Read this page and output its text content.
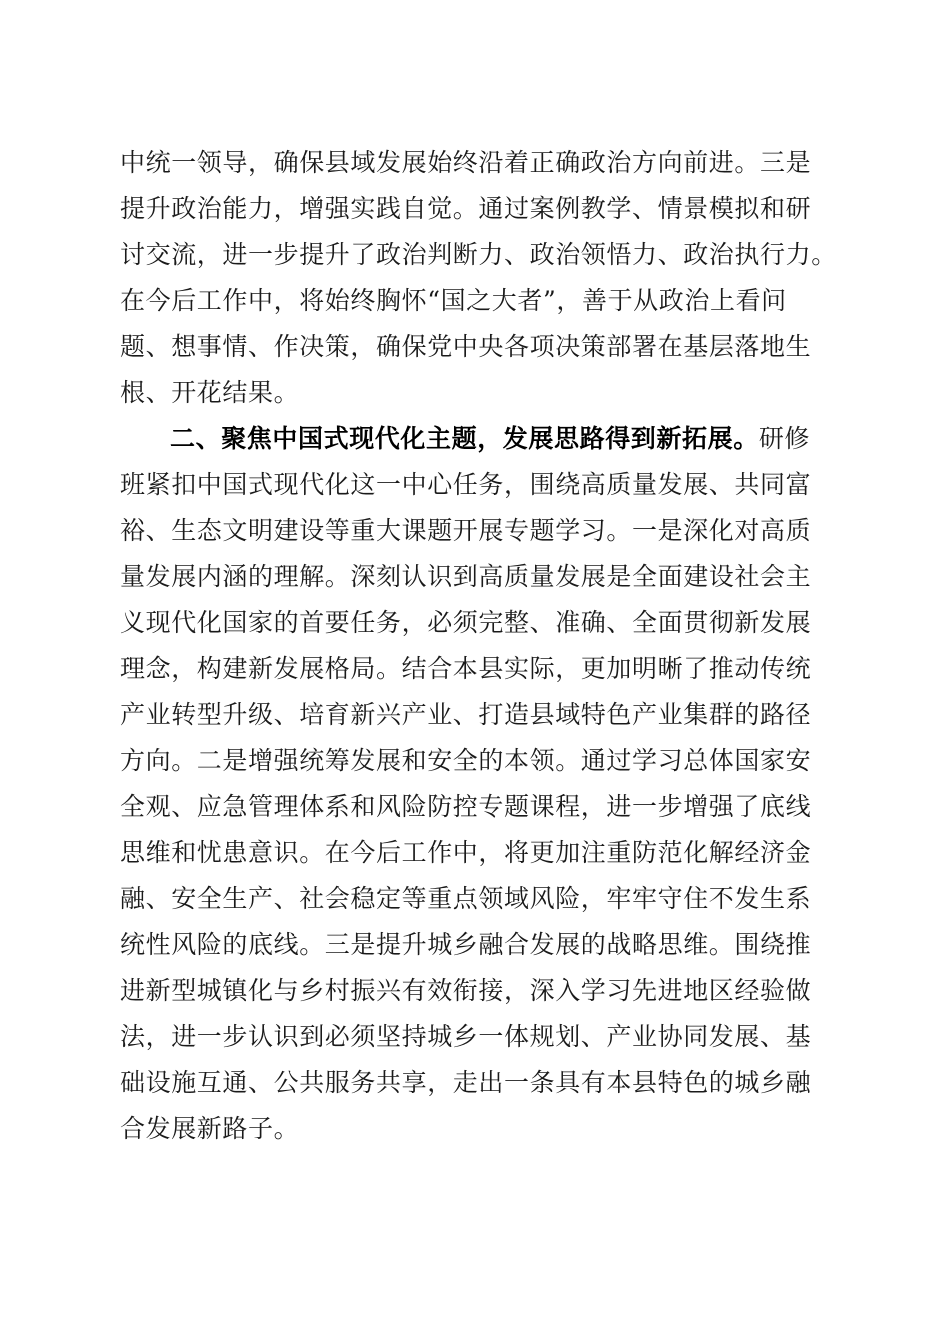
中统一领导，确保县域发展始终沿着正确政治方向前进。三是
提升政治能力，增强实践自觉。通过案例教学、情景模拟和研
讨交流，进一步提升了政治判断力、政治领悟力、政治执行力。
在今后工作中，将始终胸怀“国之大者”，善于从政治上看问
题、想事情、作决策，确保党中央各项决策部署在基层落地生
根、开花结果。
二、聚焦中国式现代化主题，发展思路得到新拓展。研修
班紧扣中国式现代化这一中心任务，围绕高质量发展、共同富
裕、生态文明建设等重大课题开展专题学习。一是深化对高质
量发展内涵的理解。深刻认识到高质量发展是全面建设社会主
义现代化国家的首要任务，必须完整、准确、全面贯彻新发展
理念，构建新发展格局。结合本县实际，更加明晰了推动传统
产业转型升级、培育新兴产业、打造县域特色产业集群的路径
方向。二是增强统筹发展和安全的本领。通过学习总体国家安
全观、应急管理体系和风险防控专题课程，进一步增强了底线
思维和忧患意识。在今后工作中，将更加注重防范化解经济金
融、安全生产、社会稳定等重点领域风险，牢牢守住不发生系
统性风险的底线。三是提升城乡融合发展的战略思维。围绕推
进新型城镇化与乡村振兴有效衔接，深入学习先进地区经验做
法，进一步认识到必须坚持城乡一体规划、产业协同发展、基
础设施互通、公共服务共享，走出一条具有本县特色的城乡融
合发展新路子。
